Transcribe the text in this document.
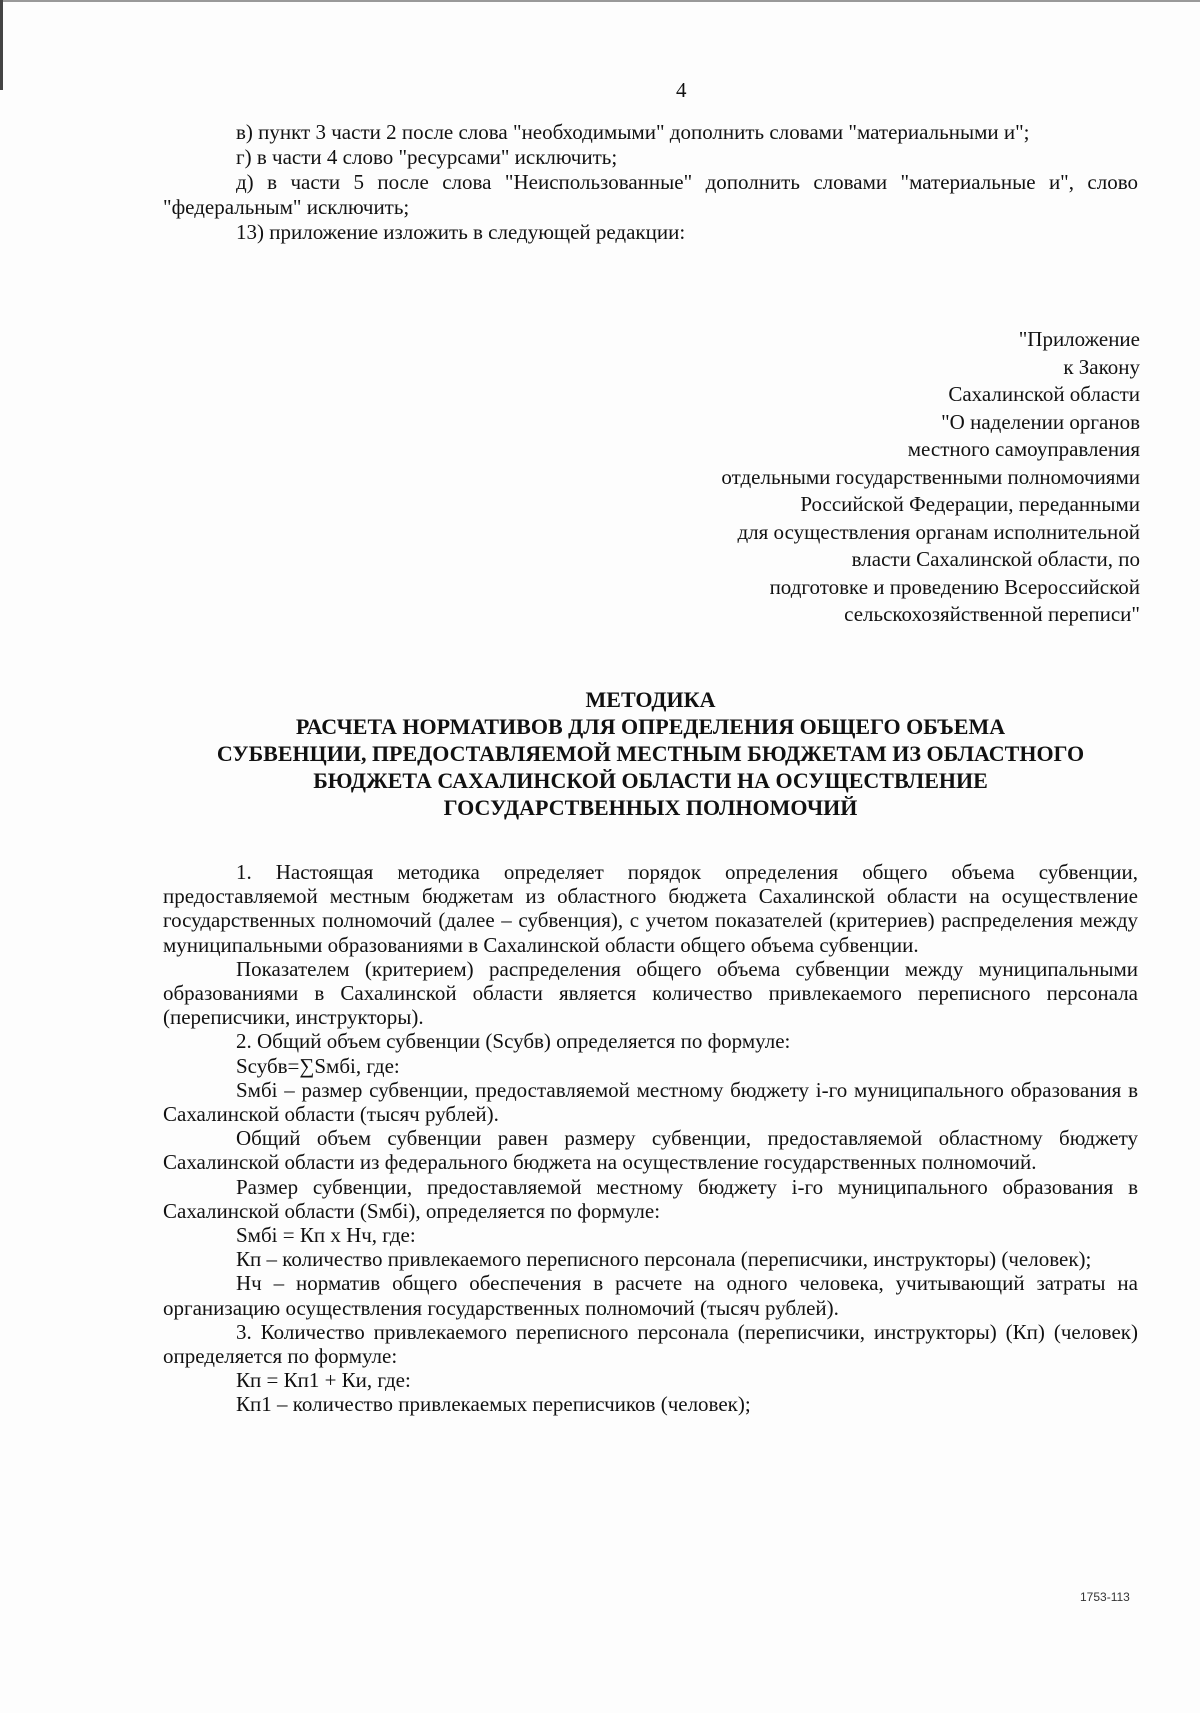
4

в) пункт 3 части 2 после слова "необходимыми" дополнить словами "материальными и";

г) в части 4 слово "ресурсами" исключить;

д) в части 5 после слова "Неиспользованные" дополнить словами "материальные и", слово "федеральным" исключить;

13) приложение изложить в следующей редакции:

"Приложение
к Закону
Сахалинской области
"О наделении органов
местного самоуправления
отдельными государственными полномочиями
Российской Федерации, переданными
для осуществления органам исполнительной
власти Сахалинской области, по
подготовке и проведению Всероссийской
сельскохозяйственной переписи"
МЕТОДИКА
РАСЧЕТА НОРМАТИВОВ ДЛЯ ОПРЕДЕЛЕНИЯ ОБЩЕГО ОБЪЕМА
СУБВЕНЦИИ, ПРЕДОСТАВЛЯЕМОЙ МЕСТНЫМ БЮДЖЕТАМ ИЗ ОБЛАСТНОГО
БЮДЖЕТА САХАЛИНСКОЙ ОБЛАСТИ НА ОСУЩЕСТВЛЕНИЕ
ГОСУДАРСТВЕННЫХ ПОЛНОМОЧИЙ

1. Настоящая методика определяет порядок определения общего объема субвенции, предоставляемой местным бюджетам из областного бюджета Сахалинской области на осуществление государственных полномочий (далее – субвенция), с учетом показателей (критериев) распределения между муниципальными образованиями в Сахалинской области общего объема субвенции.

Показателем (критерием) распределения общего объема субвенции между муниципальными образованиями в Сахалинской области является количество привлекаемого переписного персонала (переписчики, инструкторы).

2. Общий объем субвенции (Sсубв) определяется по формуле:

Sсубв=∑Sмбi, где:

Sмбi – размер субвенции, предоставляемой местному бюджету i-го муниципального образования в Сахалинской области (тысяч рублей).

Общий объем субвенции равен размеру субвенции, предоставляемой областному бюджету Сахалинской области из федерального бюджета на осуществление государственных полномочий.

Размер субвенции, предоставляемой местному бюджету i-го муниципального образования в Сахалинской области (Sмбi), определяется по формуле:

Sмбi = Кп х Нч, где:

Кп – количество привлекаемого переписного персонала (переписчики, инструкторы) (человек);

Нч – норматив общего обеспечения в расчете на одного человека, учитывающий затраты на организацию осуществления государственных полномочий (тысяч рублей).

3. Количество привлекаемого переписного персонала (переписчики, инструкторы) (Кп) (человек) определяется по формуле:

Кп = Кп1 + Ки, где:

Кп1 – количество привлекаемых переписчиков (человек);

1753-113
